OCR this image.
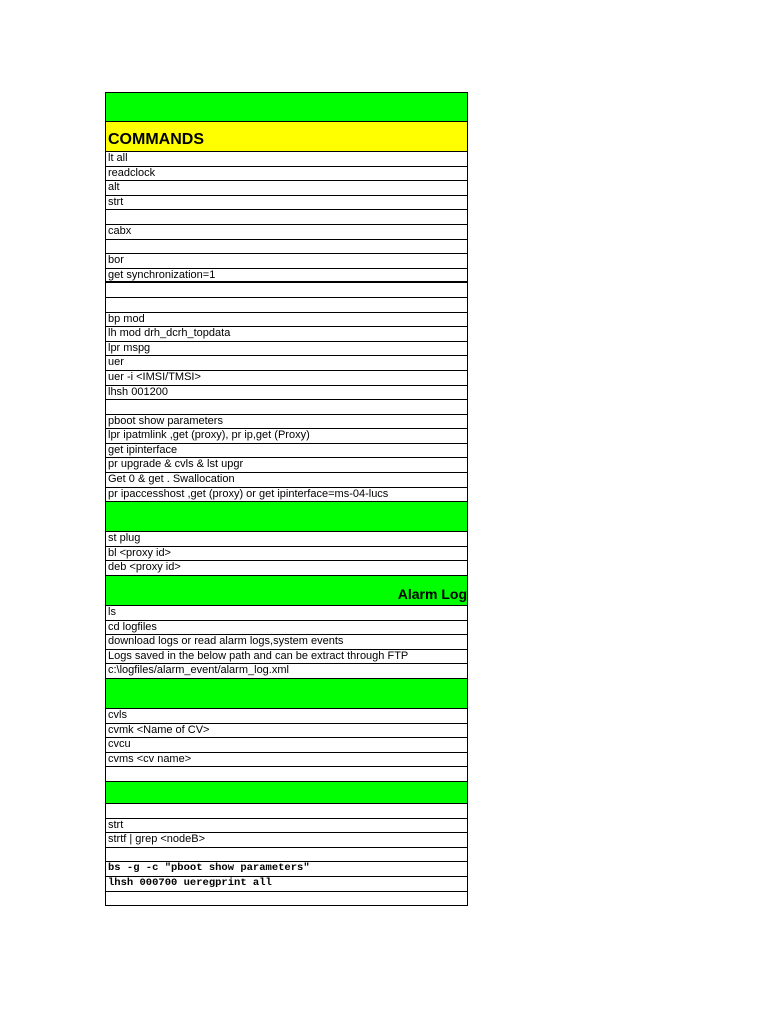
COMMANDS
lt all
readclock
alt
strt
cabx
bor
get synchronization=1
bp mod
lh mod drh_dcrh_topdata
lpr mspg
uer
uer -i <IMSI/TMSI>
lhsh 001200
pboot show parameters
lpr ipatmlink ,get (proxy), pr ip,get (Proxy)
get ipinterface
pr upgrade & cvls & lst upgr
Get 0 & get . Swallocation
pr ipaccesshost ,get (proxy) or get ipinterface=ms-04-lucs
st plug
bl <proxy id>
deb <proxy id>
Alarm Log
ls
cd logfiles
download logs or read alarm logs,system events
Logs saved in the below path and can be extract through FTP
c:\logfiles/alarm_event/alarm_log.xml
cvls
cvmk <Name of CV>
cvcu
cvms <cv name>
strt
strtf | grep <nodeB>
bs -g -c "pboot show parameters"
lhsh 000700 ueregprint all
